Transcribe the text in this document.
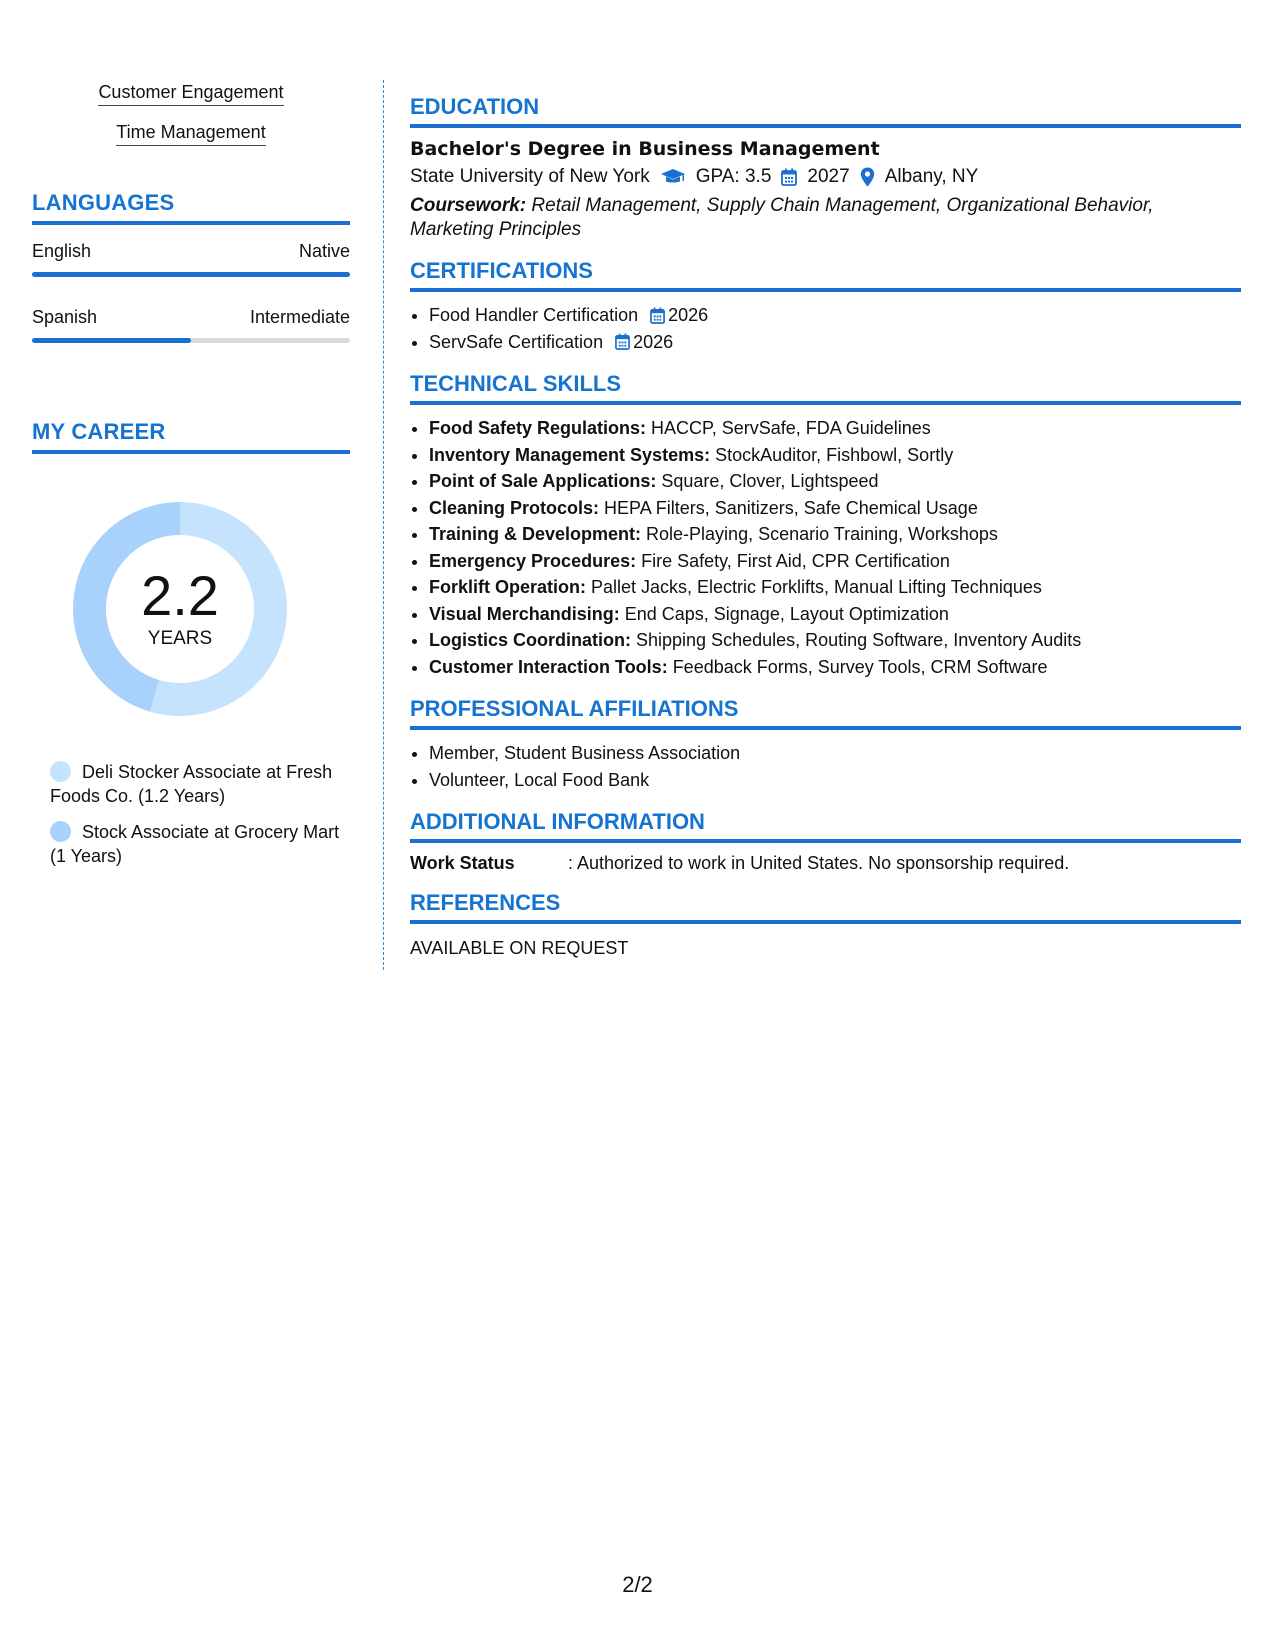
Customer Engagement
Time Management
LANGUAGES
English	Native
Spanish	Intermediate
MY CAREER
2.2
YEARS
Deli Stocker Associate at Fresh Foods Co. (1.2 Years)
Stock Associate at Grocery Mart (1 Years)
EDUCATION
Bachelor's Degree in Business Management
State University of New York GPA: 3.5 2027 Albany, NY
Coursework: Retail Management, Supply Chain Management, Organizational Behavior, Marketing Principles
CERTIFICATIONS
• Food Handler Certification 2026
• ServSafe Certification 2026
TECHNICAL SKILLS
• Food Safety Regulations: HACCP, ServSafe, FDA Guidelines
• Inventory Management Systems: StockAuditor, Fishbowl, Sortly
• Point of Sale Applications: Square, Clover, Lightspeed
• Cleaning Protocols: HEPA Filters, Sanitizers, Safe Chemical Usage
• Training & Development: Role-Playing, Scenario Training, Workshops
• Emergency Procedures: Fire Safety, First Aid, CPR Certification
• Forklift Operation: Pallet Jacks, Electric Forklifts, Manual Lifting Techniques
• Visual Merchandising: End Caps, Signage, Layout Optimization
• Logistics Coordination: Shipping Schedules, Routing Software, Inventory Audits
• Customer Interaction Tools: Feedback Forms, Survey Tools, CRM Software
PROFESSIONAL AFFILIATIONS
• Member, Student Business Association
• Volunteer, Local Food Bank
ADDITIONAL INFORMATION
Work Status	: Authorized to work in United States. No sponsorship required.
REFERENCES
AVAILABLE ON REQUEST
2/2
